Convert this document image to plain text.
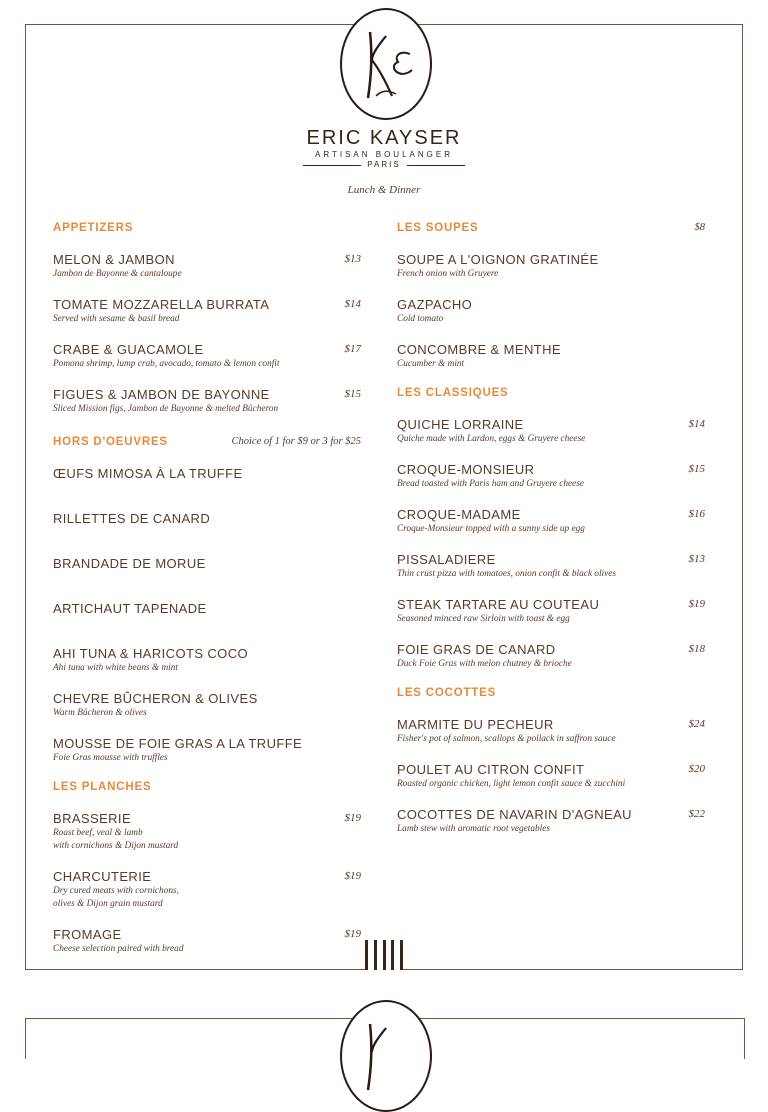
ERIC KAYSER
ARTISAN BOULANGER
PARIS
Lunch & Dinner
APPETIZERS
MELON & JAMBON	$13
Jambon de Bayonne & cantaloupe
TOMATE MOZZARELLA BURRATA	$14
Served with sesame & basil bread
CRABE & GUACAMOLE	$17
Pomona shrimp, lump crab, avocado, tomato & lemon confit
FIGUES & JAMBON DE BAYONNE	$15
Sliced Mission figs, Jambon de Bayonne & melted Bûcheron
HORS D'OEUVRES	Choice of 1 for $9 or 3 for $25
ŒUFS MIMOSA À LA TRUFFE
RILLETTES DE CANARD
BRANDADE DE MORUE
ARTICHAUT TAPENADE
AHI TUNA & HARICOTS COCO
Ahi tuna with white beans & mint
CHEVRE BÛCHERON & OLIVES
Warm Bûcheron & olives
MOUSSE DE FOIE GRAS A LA TRUFFE
Foie Gras mousse with truffles
LES PLANCHES
BRASSERIE	$19
Roast beef, veal & lamb
with cornichons & Dijon mustard
CHARCUTERIE	$19
Dry cured meats with cornichons,
olives & Dijon grain mustard
FROMAGE	$19
Cheese selection paired with bread
LES SOUPES	$8
SOUPE A L'OIGNON GRATINÉE
French onion with Gruyere
GAZPACHO
Cold tomato
CONCOMBRE & MENTHE
Cucumber & mint
LES CLASSIQUES
QUICHE LORRAINE	$14
Quiche made with Lardon, eggs & Gruyere cheese
CROQUE-MONSIEUR	$15
Bread toasted with Paris ham and Gruyere cheese
CROQUE-MADAME	$16
Croque-Monsieur topped with a sunny side up egg
PISSALADIERE	$13
Thin crust pizza with tomatoes, onion confit & black olives
STEAK TARTARE AU COUTEAU	$19
Seasoned minced raw Sirloin with toast & egg
FOIE GRAS DE CANARD	$18
Duck Foie Gras with melon chutney & brioche
LES COCOTTES
MARMITE DU PECHEUR	$24
Fisher's pot of salmon, scallops & pollack in saffron sauce
POULET AU CITRON CONFIT	$20
Roasted organic chicken, light lemon confit sauce & zucchini
COCOTTES DE NAVARIN D'AGNEAU	$22
Lamb stew with aromatic root vegetables
